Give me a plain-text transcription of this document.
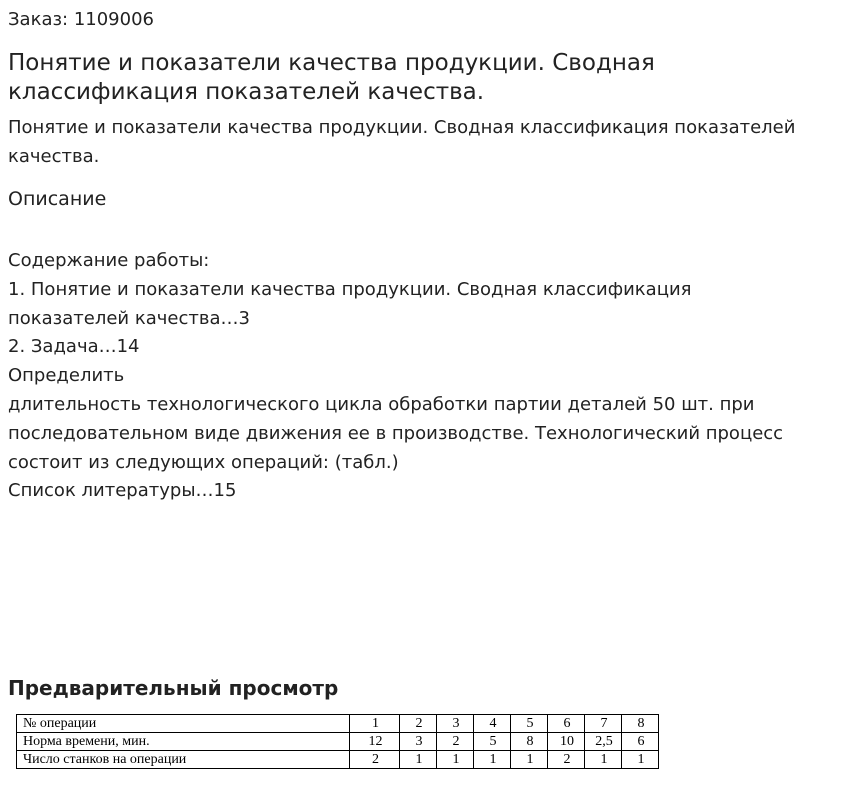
Заказ: 1109006
Понятие и показатели качества продукции. Сводная классификация показателей качества.

Понятие и показатели качества продукции. Сводная классификация показателей качества.

Описание
Содержание работы:
1. Понятие и показатели качества продукции. Сводная классификация
показателей качества…3
2. Задача…14
Определить
длительность технологического цикла обработки партии деталей 50 шт. при
последовательном виде движения ее в производстве. Технологический процесс
состоит из следующих операций: (табл.)
Список литературы…15
Предварительный просмотр
№ операции	1	2	3	4	5	6	7	8
Норма времени, мин.	12	3	2	5	8	10	2,5	6
Число станков на операции	2	1	1	1	1	2	1	1
